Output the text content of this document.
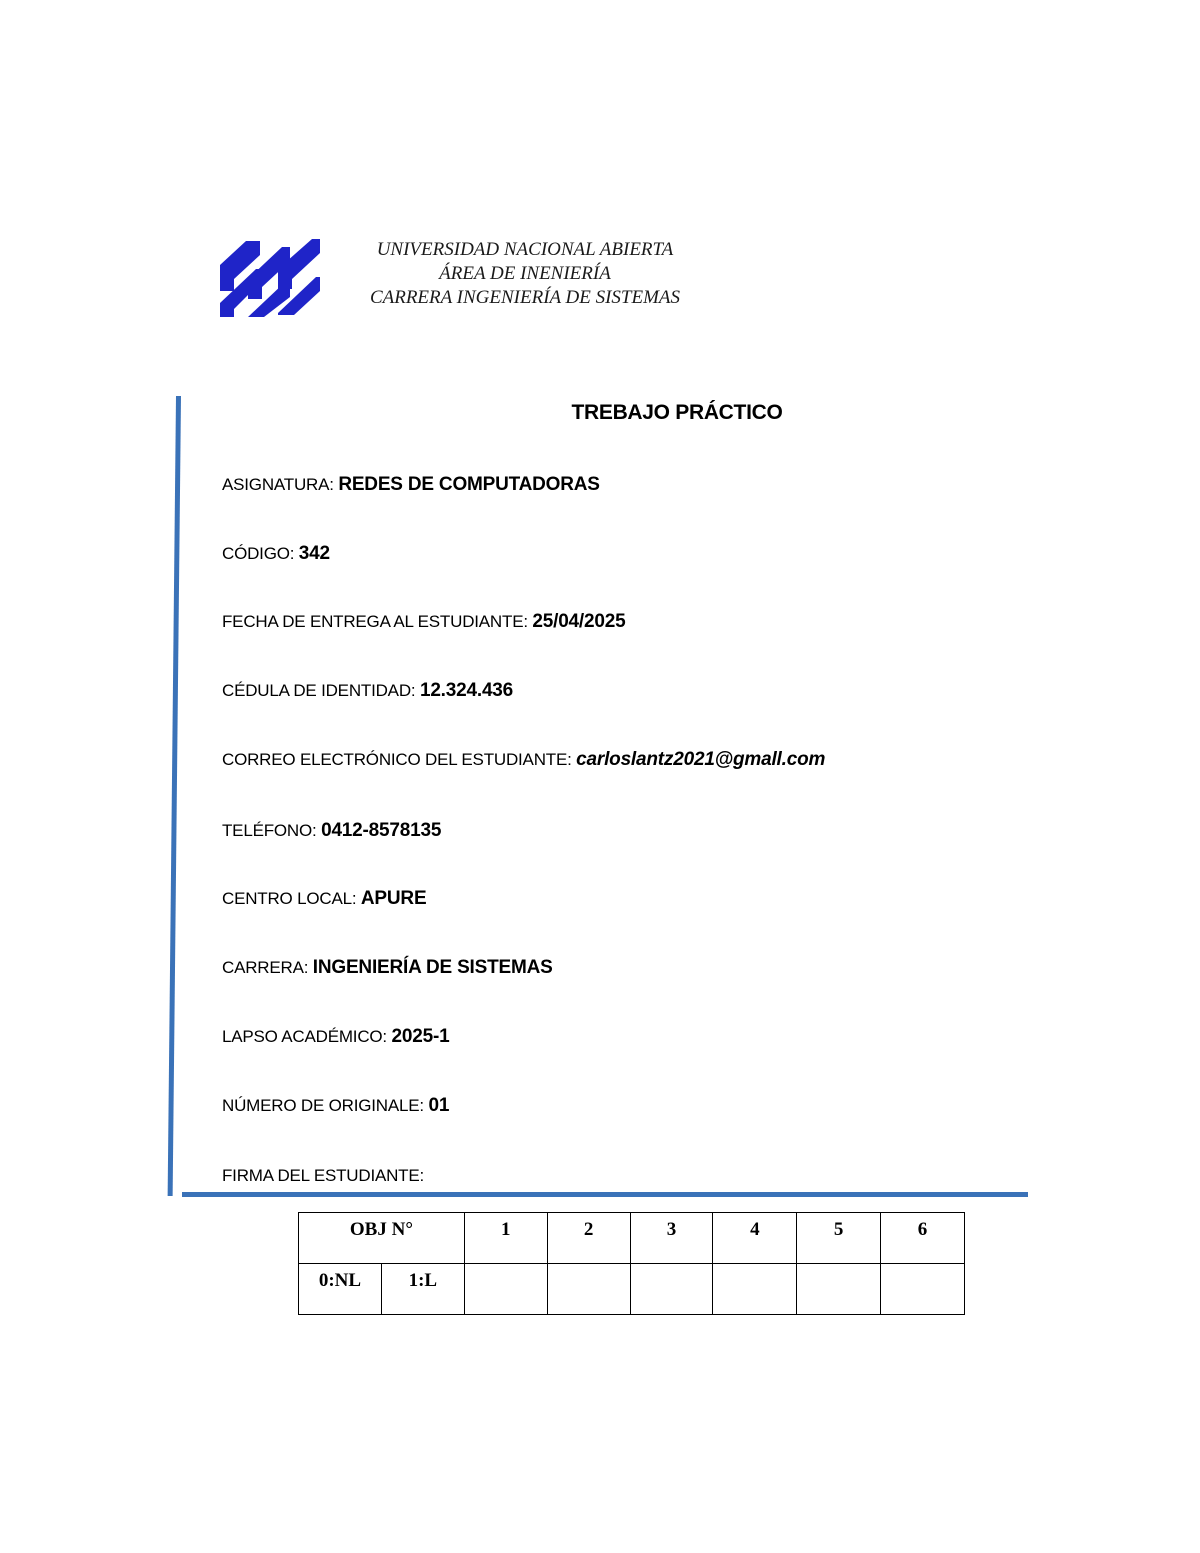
UNIVERSIDAD NACIONAL ABIERTA
ÁREA DE INENIERÍA
CARRERA INGENIERÍA DE SISTEMAS
TREBAJO PRÁCTICO
ASIGNATURA: REDES DE COMPUTADORAS
CÓDIGO: 342
FECHA DE ENTREGA AL ESTUDIANTE: 25/04/2025
CÉDULA DE IDENTIDAD: 12.324.436
CORREO ELECTRÓNICO DEL ESTUDIANTE: carloslantz2021@gmall.com
TELÉFONO: 0412-8578135
CENTRO LOCAL: APURE
CARRERA: INGENIERÍA DE SISTEMAS
LAPSO ACADÉMICO: 2025-1
NÚMERO DE ORIGINALE: 01
FIRMA DEL ESTUDIANTE:
OBJ N°		1	2	3	4	5	6
0:NL	1:L						
